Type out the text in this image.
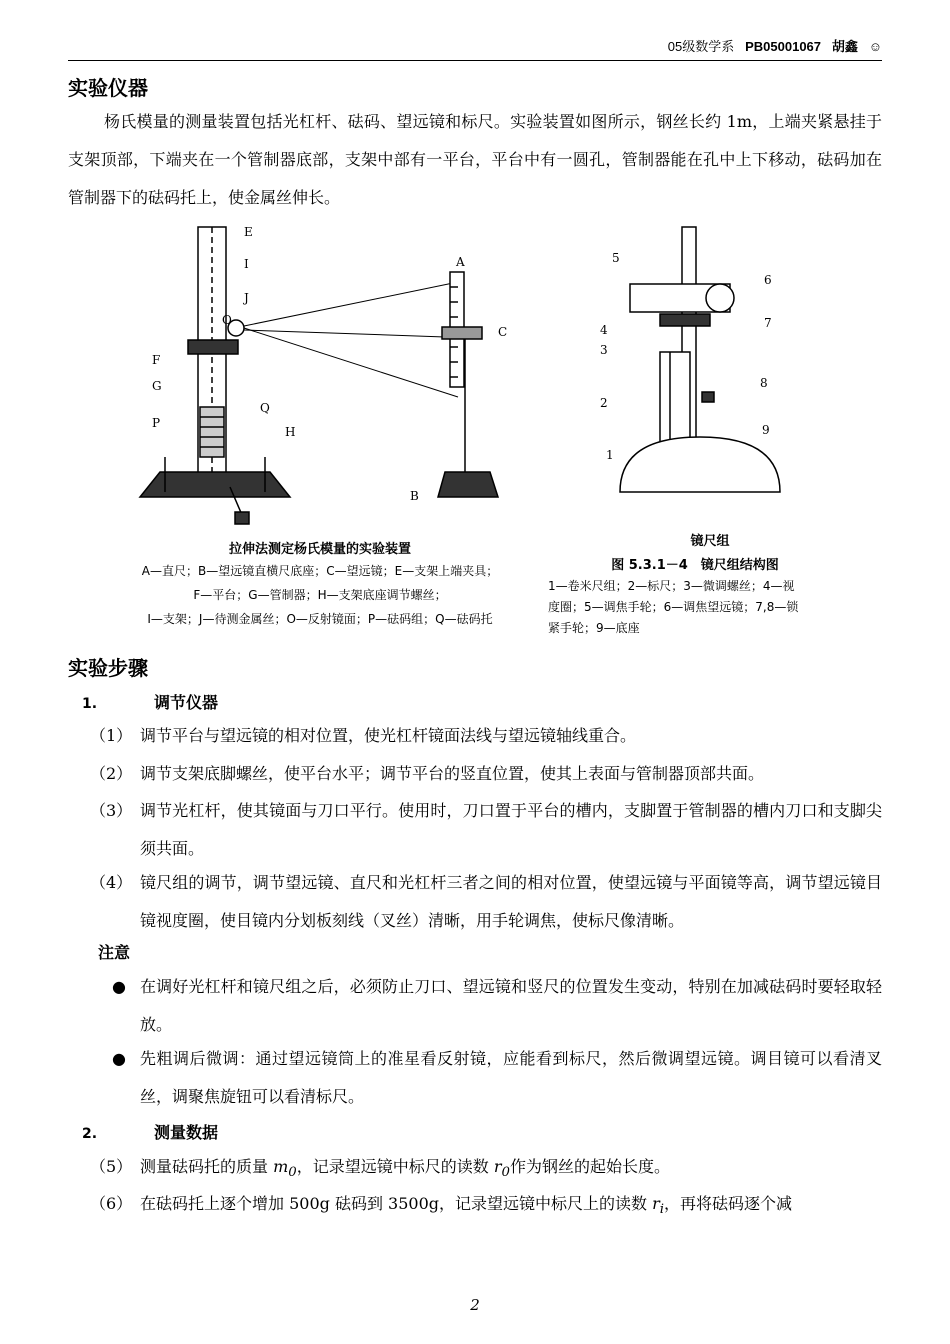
05级数学系 PB05001067 胡鑫 ☺
实验仪器
杨氏模量的测量装置包括光杠杆、砝码、望远镜和标尺。实验装置如图所示，钢丝长约 1m，上端夹紧悬挂于支架顶部，下端夹在一个管制器底部，支架中部有一平台，平台中有一圆孔，管制器能在孔中上下移动，砝码加在管制器下的砝码托上，使金属丝伸长。
E
I
J
O
F
G
P
Q
H
A
C
B
拉伸法测定杨氏模量的实验装置
A—直尺；B—望远镜直横尺底座；C—望远镜；E—支架上端夹具；
F—平台；G—管制器；H—支架底座调节螺丝；
I—支架；J—待测金属丝；O—反射镜面；P—砝码组；Q—砝码托
5
6
4	7
3
8
2
9
1
镜尺组
图 5.3.1－4　镜尺组结构图
1—卷米尺组；2—标尺；3—微调螺丝；4—视
度圈；5—调焦手轮；6—调焦望远镜；7,8—锁
紧手轮；9—底座
实验步骤
1.	调节仪器
（1） 调节平台与望远镜的相对位置，使光杠杆镜面法线与望远镜轴线重合。
（2） 调节支架底脚螺丝，使平台水平；调节平台的竖直位置，使其上表面与管制器顶部共面。
（3） 调节光杠杆，使其镜面与刀口平行。使用时，刀口置于平台的槽内，支脚置于管制器的槽内刀口和支脚尖须共面。
（4） 镜尺组的调节，调节望远镜、直尺和光杠杆三者之间的相对位置，使望远镜与平面镜等高，调节望远镜目镜视度圈，使目镜内分划板刻线（叉丝）清晰，用手轮调焦，使标尺像清晰。
注意
● 在调好光杠杆和镜尺组之后，必须防止刀口、望远镜和竖尺的位置发生变动，特别在加减砝码时要轻取轻放。
● 先粗调后微调：通过望远镜筒上的准星看反射镜，应能看到标尺，然后微调望远镜。调目镜可以看清叉丝，调聚焦旋钮可以看清标尺。
2.	测量数据
（5） 测量砝码托的质量 $m_0$，记录望远镜中标尺的读数 $r_0$作为钢丝的起始长度。
（6） 在砝码托上逐个增加 500g 砝码到 3500g，记录望远镜中标尺上的读数 $r_i$，再将砝码逐个减
2
